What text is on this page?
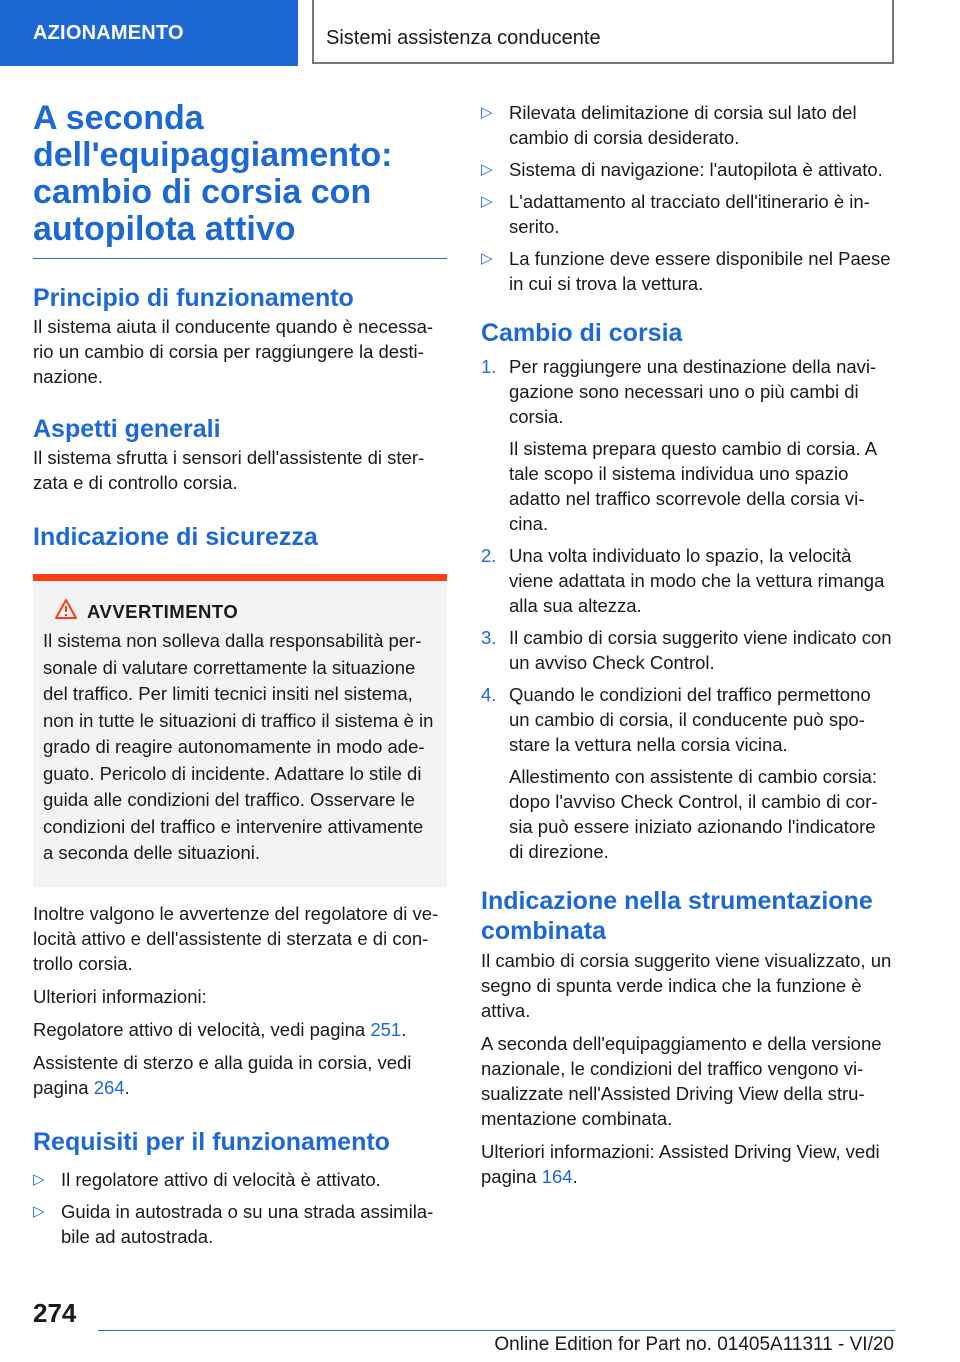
AZIONAMENTO	Sistemi assistenza conducente
A seconda dell'equipaggiamento: cambio di corsia con autopilota attivo
Principio di funzionamento

Il sistema aiuta il conducente quando è necessario un cambio di corsia per raggiungere la destinazione.

Aspetti generali

Il sistema sfrutta i sensori dell'assistente di sterzata e di controllo corsia.

Indicazione di sicurezza
AVVERTIMENTO

Il sistema non solleva dalla responsabilità personale di valutare correttamente la situazione del traffico. Per limiti tecnici insiti nel sistema, non in tutte le situazioni di traffico il sistema è in grado di reagire autonomamente in modo adeguato. Pericolo di incidente. Adattare lo stile di guida alle condizioni del traffico. Osservare le condizioni del traffico e intervenire attivamente a seconda delle situazioni.

Inoltre valgono le avvertenze del regolatore di velocità attivo e dell'assistente di sterzata e di controllo corsia.

Ulteriori informazioni:

Regolatore attivo di velocità, vedi pagina 251.

Assistente di sterzo e alla guida in corsia, vedi pagina 264.

Requisiti per il funzionamento
▷ Il regolatore attivo di velocità è attivato.
▷ Guida in autostrada o su una strada assimilabile ad autostrada.
▷ Rilevata delimitazione di corsia sul lato del cambio di corsia desiderato.
▷ Sistema di navigazione: l'autopilota è attivato.
▷ L'adattamento al tracciato dell'itinerario è inserito.
▷ La funzione deve essere disponibile nel Paese in cui si trova la vettura.
Cambio di corsia
1. Per raggiungere una destinazione della navigazione sono necessari uno o più cambi di corsia.

Il sistema prepara questo cambio di corsia. A tale scopo il sistema individua uno spazio adatto nel traffico scorrevole della corsia vicina.

2. Una volta individuato lo spazio, la velocità viene adattata in modo che la vettura rimanga alla sua altezza.

3. Il cambio di corsia suggerito viene indicato con un avviso Check Control.

4. Quando le condizioni del traffico permettono un cambio di corsia, il conducente può spostare la vettura nella corsia vicina.

Allestimento con assistente di cambio corsia: dopo l'avviso Check Control, il cambio di corsia può essere iniziato azionando l'indicatore di direzione.

Indicazione nella strumentazione combinata

Il cambio di corsia suggerito viene visualizzato, un segno di spunta verde indica che la funzione è attiva.

A seconda dell'equipaggiamento e della versione nazionale, le condizioni del traffico vengono visualizzate nell'Assisted Driving View della strumentazione combinata.

Ulteriori informazioni: Assisted Driving View, vedi pagina 164.

274
Online Edition for Part no. 01405A11311 - VI/20
